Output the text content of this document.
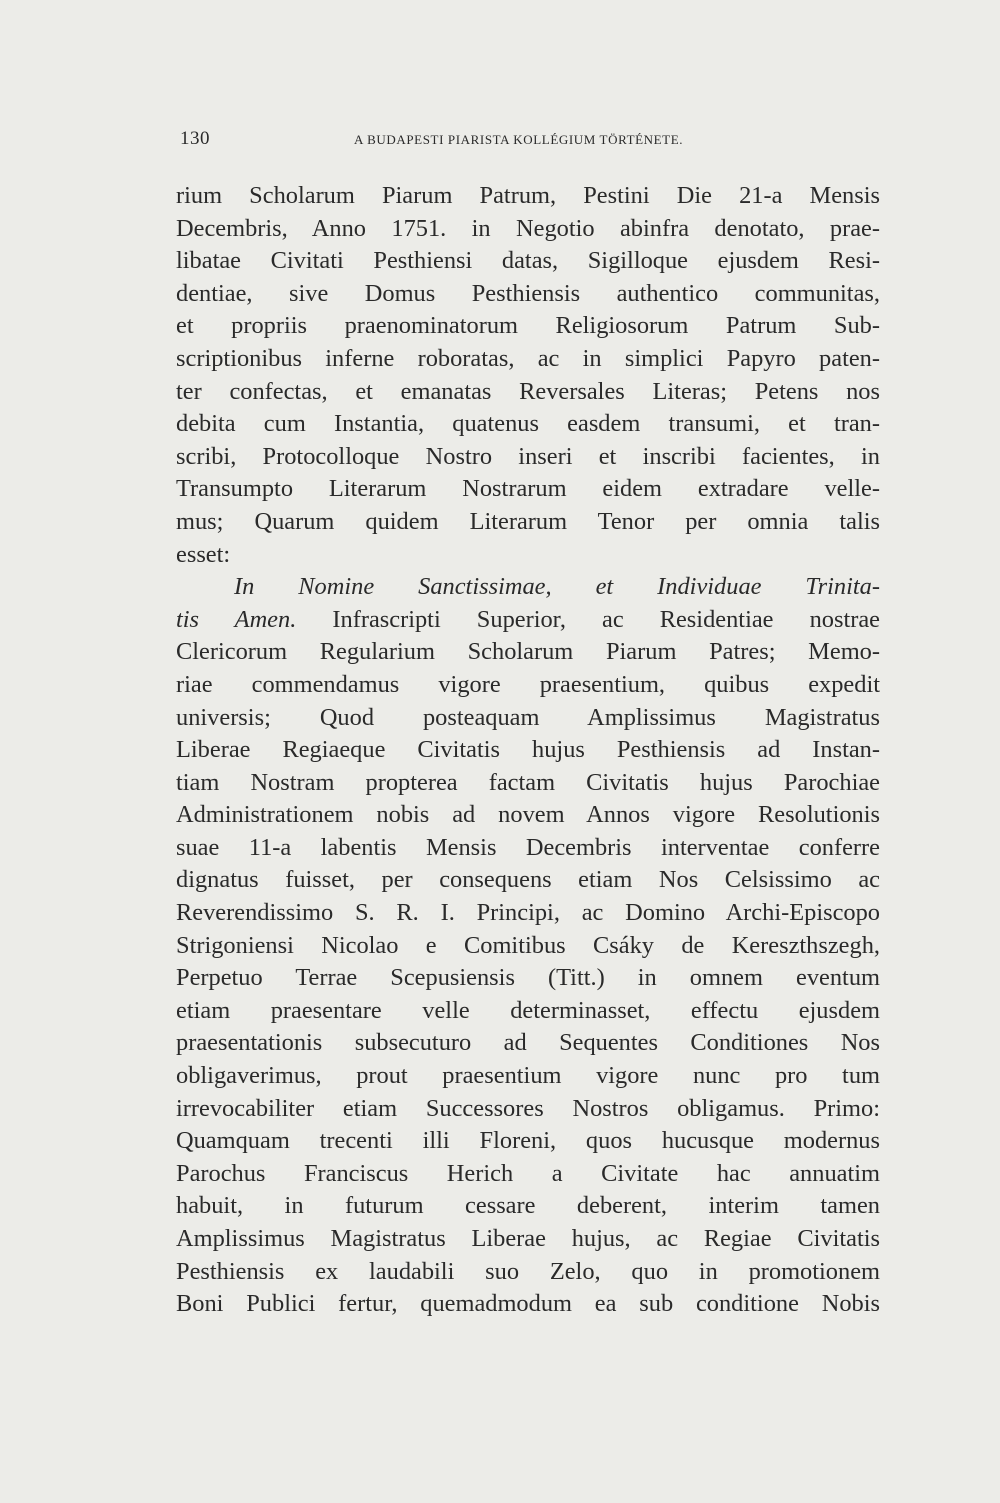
130	A BUDAPESTI PIARISTA KOLLÉGIUM TÖRTÉNETE.
rium Scholarum Piarum Patrum, Pestini Die 21-a Mensis
Decembris, Anno 1751. in Negotio abinfra denotato, prae-
libatae Civitati Pesthiensi datas, Sigilloque ejusdem Resi-
dentiae, sive Domus Pesthiensis authentico communitas,
et propriis praenominatorum Religiosorum Patrum Sub-
scriptionibus inferne roboratas, ac in simplici Papyro paten-
ter confectas, et emanatas Reversales Literas; Petens nos
debita cum Instantia, quatenus easdem transumi, et tran-
scribi, Protocolloque Nostro inseri et inscribi facientes, in
Transumpto Literarum Nostrarum eidem extradare velle-
mus; Quarum quidem Literarum Tenor per omnia talis
esset:
In Nomine Sanctissimae, et Individuae Trinita-
tis Amen. Infrascripti Superior, ac Residentiae nostrae
Clericorum Regularium Scholarum Piarum Patres; Memo-
riae commendamus vigore praesentium, quibus expedit
universis; Quod posteaquam Amplissimus Magistratus
Liberae Regiaeque Civitatis hujus Pesthiensis ad Instan-
tiam Nostram propterea factam Civitatis hujus Parochiae
Administrationem nobis ad novem Annos vigore Resolutionis
suae 11-a labentis Mensis Decembris interventae conferre
dignatus fuisset, per consequens etiam Nos Celsissimo ac
Reverendissimo S. R. I. Principi, ac Domino Archi-Episcopo
Strigoniensi Nicolao e Comitibus Csáky de Kereszthszegh,
Perpetuo Terrae Scepusiensis (Titt.) in omnem eventum
etiam praesentare velle determinasset, effectu ejusdem
praesentationis subsecuturo ad Sequentes Conditiones Nos
obligaverimus, prout praesentium vigore nunc pro tum
irrevocabiliter etiam Successores Nostros obligamus. Primo:
Quamquam trecenti illi Floreni, quos hucusque modernus
Parochus Franciscus Herich a Civitate hac annuatim
habuit, in futurum cessare deberent, interim tamen
Amplissimus Magistratus Liberae hujus, ac Regiae Civitatis
Pesthiensis ex laudabili suo Zelo, quo in promotionem
Boni Publici fertur, quemadmodum ea sub conditione Nobis
